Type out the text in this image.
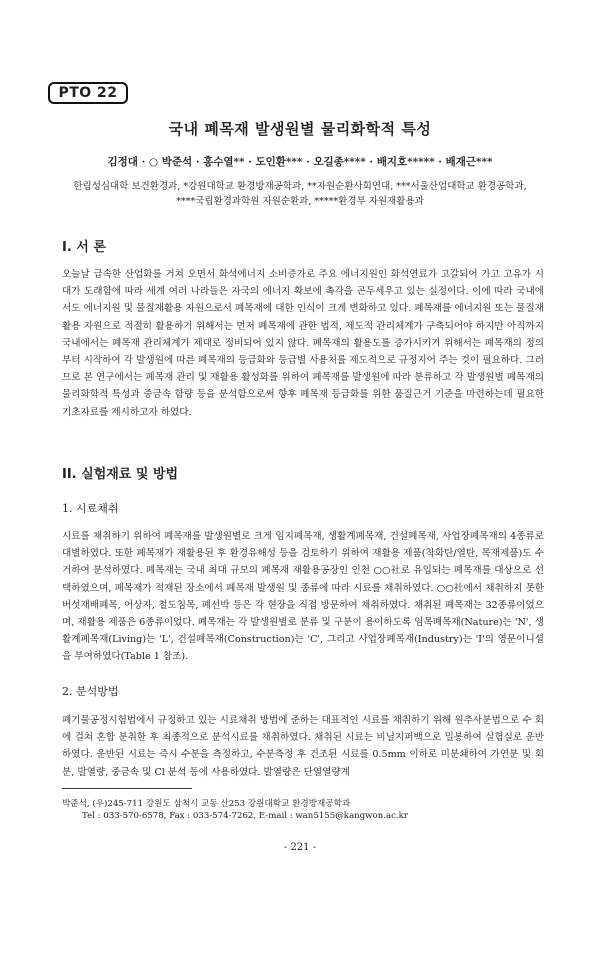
PTO 22
국내 폐목재 발생원별 물리화학적 특성
김정대 · ○ 박준석 · 홍수열** · 도인환*** · 오길종**** · 배지호***** · 배재근***
한림성심대학 보건환경과, *강원대학교 환경방재공학과, **자원순환사회연대, ***서울산업대학교 환경공학과,
****국립환경과학원 자원순환과, *****환경부 자원재활용과
I. 서 론

오늘날 급속한 산업화를 거쳐 오면서 화석에너지 소비증가로 주요 에너지원인 화석연료가 고갈되어 가고 고유가 시대가 도래함에 따라 세계 여러 나라들은 자국의 에너지 확보에 촉각을 곤두세우고 있는 실정이다. 이에 따라 국내에서도 에너지원 및 물질재활용 자원으로서 폐목재에 대한 인식이 크게 변화하고 있다. 폐목재를 에너지원 또는 물질재활용 자원으로 적절히 활용하기 위해서는 먼저 폐목재에 관한 법적, 제도적 관리체계가 구축되어야 하지만 아직까지 국내에서는 폐목재 관리체계가 제대로 정비되어 있지 않다. 폐목재의 활용도를 증가시키기 위해서는 폐목재의 정의부터 시작하여 각 발생원에 따른 폐목재의 등급화와 등급별 사용처를 제도적으로 규정지어 주는 것이 필요하다. 그러므로 본 연구에서는 폐목재 관리 및 재활용 활성화를 위하여 폐목재를 발생원에 따라 분류하고 각 발생원별 폐목재의 물리화학적 특성과 중금속 함량 등을 분석함으로써 향후 폐목재 등급화를 위한 품질근거 기준을 마련하는데 필요한 기초자료를 제시하고자 하였다.

II. 실험재료 및 방법
1. 시료채취

시료를 채취하기 위하여 폐목재를 발생원별로 크게 임지폐목재, 생활계폐목재, 건설폐목재, 사업장폐목재의 4종류로 대별하였다. 또한 폐목재가 재활용된 후 환경유해성 등을 검토하기 위하여 재활용 제품(착화탄/열탄, 목재제품)도 수거하여 분석하였다. 폐목재는 국내 최대 규모의 폐목재 재활용공장인 인천 ○○社로 유입되는 폐목재를 대상으로 선택하였으며, 폐목재가 적재된 장소에서 폐목재 발생원 및 종류에 따라 시료를 채취하였다. ○○社에서 채취하지 못한 버섯재배폐목, 어상자, 철도침목, 폐선박 등은 각 현장을 직접 방문하여 채취하였다. 채취된 폐목재는 32종류이었으며, 재활용 제품은 6종류이었다. 폐목재는 각 발생원별로 분류 및 구분이 용이하도록 임목폐목재(Nature)는 'N', 생활계폐목재(Living)는 'L', 건설폐목재(Construction)는 'C', 그리고 사업장폐목재(Industry)는 'I'의 영문이니셜을 부여하였다(Table 1 참조).

2. 분석방법

폐기물공정시험법에서 규정하고 있는 시료채취 방법에 준하는 대표적인 시료를 채취하기 위해 원추사분법으로 수 회에 걸쳐 혼합 분취한 후 최종적으로 분석시료를 채취하였다. 채취된 시료는 비닐지퍼백으로 밀봉하여 실험실로 운반하였다. 운반된 시료는 즉시 수분을 측정하고, 수분측정 후 건조된 시료를 0.5mm 이하로 미분쇄하여 가연분 및 회분, 발열량, 중금속 및 Cl 분석 등에 사용하였다. 발열량은 단열열량계

박준석, (우)245-711 강원도 삼척시 교동 산253 강원대학교 환경방재공학과
Tel : 033-570-6578, Fax : 033-574-7262, E-mail : wan5155@kangwon.ac.kr
- 221 -
